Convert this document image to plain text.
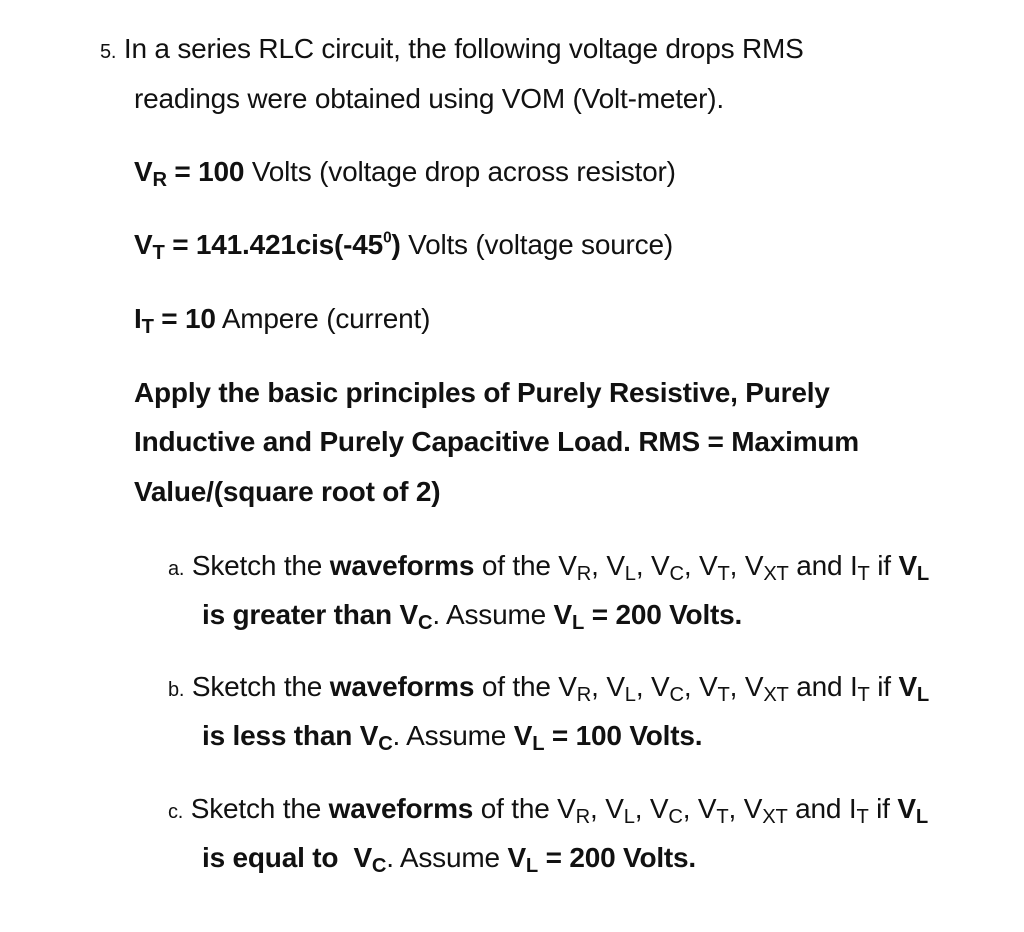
5. In a series RLC circuit, the following voltage drops RMS
readings were obtained using VOM (Volt-meter).
$V_R = 100$ Volts (voltage drop across resistor)
$V_T = 141.421cis(-45^0)$ Volts (voltage source)
$I_T = 10$ Ampere (current)
Apply the basic principles of Purely Resistive, Purely
Inductive and Purely Capacitive Load. RMS = Maximum
Value/(square root of 2)
a. Sketch the waveforms of the $V_R$, $V_L$, $V_C$, $V_T$, $V_{XT}$ and $I_T$ if $V_L$
is greater than $V_C$. Assume $V_L = 200$ Volts.
b. Sketch the waveforms of the $V_R$, $V_L$, $V_C$, $V_T$, $V_{XT}$ and $I_T$ if $V_L$
is less than $V_C$. Assume $V_L = 100$ Volts.
c. Sketch the waveforms of the $V_R$, $V_L$, $V_C$, $V_T$, $V_{XT}$ and $I_T$ if $V_L$
is equal to  $V_C$. Assume $V_L = 200$ Volts.
